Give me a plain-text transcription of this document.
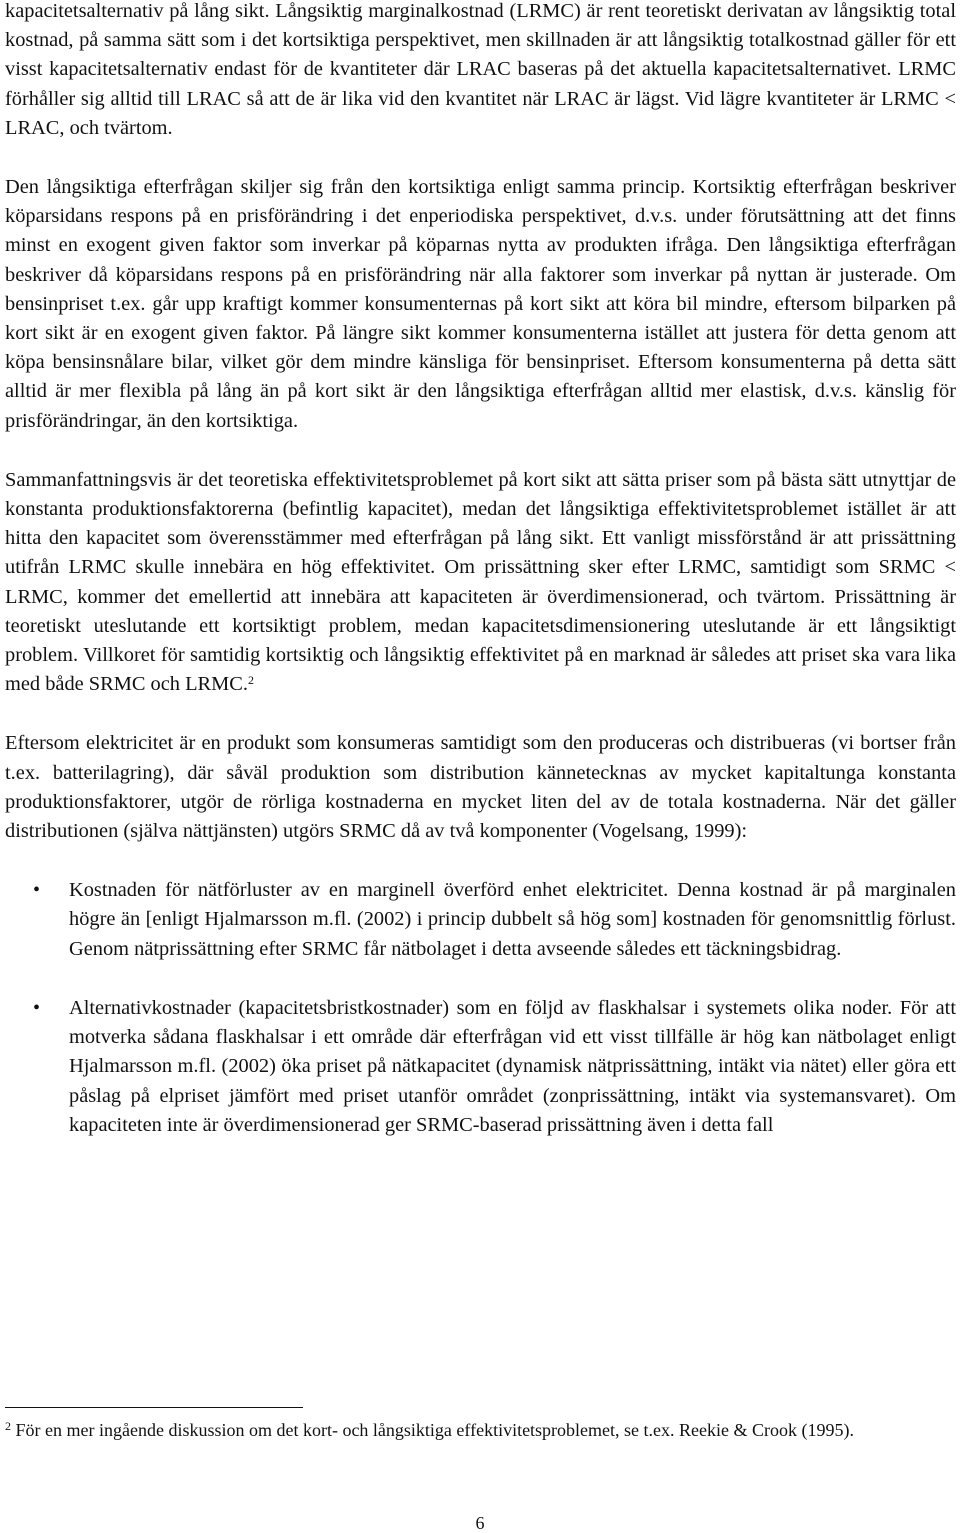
kapacitetsalternativ på lång sikt. Långsiktig marginalkostnad (LRMC) är rent teoretiskt derivatan av långsiktig total kostnad, på samma sätt som i det kortsiktiga perspektivet, men skillnaden är att långsiktig totalkostnad gäller för ett visst kapacitetsalternativ endast för de kvantiteter där LRAC baseras på det aktuella kapacitetsalternativet. LRMC förhåller sig alltid till LRAC så att de är lika vid den kvantitet när LRAC är lägst. Vid lägre kvantiteter är LRMC < LRAC, och tvärtom.

Den långsiktiga efterfrågan skiljer sig från den kortsiktiga enligt samma princip. Kortsiktig efterfrågan beskriver köparsidans respons på en prisförändring i det enperiodiska perspektivet, d.v.s. under förutsättning att det finns minst en exogent given faktor som inverkar på köparnas nytta av produkten ifråga. Den långsiktiga efterfrågan beskriver då köparsidans respons på en prisförändring när alla faktorer som inverkar på nyttan är justerade. Om bensinpriset t.ex. går upp kraftigt kommer konsumenternas på kort sikt att köra bil mindre, eftersom bilparken på kort sikt är en exogent given faktor. På längre sikt kommer konsumenterna istället att justera för detta genom att köpa bensinsnålare bilar, vilket gör dem mindre känsliga för bensinpriset. Eftersom konsumenterna på detta sätt alltid är mer flexibla på lång än på kort sikt är den långsiktiga efterfrågan alltid mer elastisk, d.v.s. känslig för prisförändringar, än den kortsiktiga.

Sammanfattningsvis är det teoretiska effektivitetsproblemet på kort sikt att sätta priser som på bästa sätt utnyttjar de konstanta produktionsfaktorerna (befintlig kapacitet), medan det långsiktiga effektivitetsproblemet istället är att hitta den kapacitet som överensstämmer med efterfrågan på lång sikt. Ett vanligt missförstånd är att prissättning utifrån LRMC skulle innebära en hög effektivitet. Om prissättning sker efter LRMC, samtidigt som SRMC < LRMC, kommer det emellertid att innebära att kapaciteten är överdimensionerad, och tvärtom. Prissättning är teoretiskt uteslutande ett kortsiktigt problem, medan kapacitetsdimensionering uteslutande är ett långsiktigt problem. Villkoret för samtidig kortsiktig och långsiktig effektivitet på en marknad är således att priset ska vara lika med både SRMC och LRMC.$^2$

Eftersom elektricitet är en produkt som konsumeras samtidigt som den produceras och distribueras (vi bortser från t.ex. batterilagring), där såväl produktion som distribution kännetecknas av mycket kapitaltunga konstanta produktionsfaktorer, utgör de rörliga kostnaderna en mycket liten del av de totala kostnaderna. När det gäller distributionen (själva nättjänsten) utgörs SRMC då av två komponenter (Vogelsang, 1999):

• Kostnaden för nätförluster av en marginell överförd enhet elektricitet. Denna kostnad är på marginalen högre än [enligt Hjalmarsson m.fl. (2002) i princip dubbelt så hög som] kostnaden för genomsnittlig förlust. Genom nätprissättning efter SRMC får nätbolaget i detta avseende således ett täckningsbidrag.
• Alternativkostnader (kapacitetsbristkostnader) som en följd av flaskhalsar i systemets olika noder. För att motverka sådana flaskhalsar i ett område där efterfrågan vid ett visst tillfälle är hög kan nätbolaget enligt Hjalmarsson m.fl. (2002) öka priset på nätkapacitet (dynamisk nätprissättning, intäkt via nätet) eller göra ett påslag på elpriset jämfört med priset utanför området (zonprissättning, intäkt via systemansvaret). Om kapaciteten inte är överdimensionerad ger SRMC-baserad prissättning även i detta fall

$^2$ För en mer ingående diskussion om det kort- och långsiktiga effektivitetsproblemet, se t.ex. Reekie & Crook (1995).

6
